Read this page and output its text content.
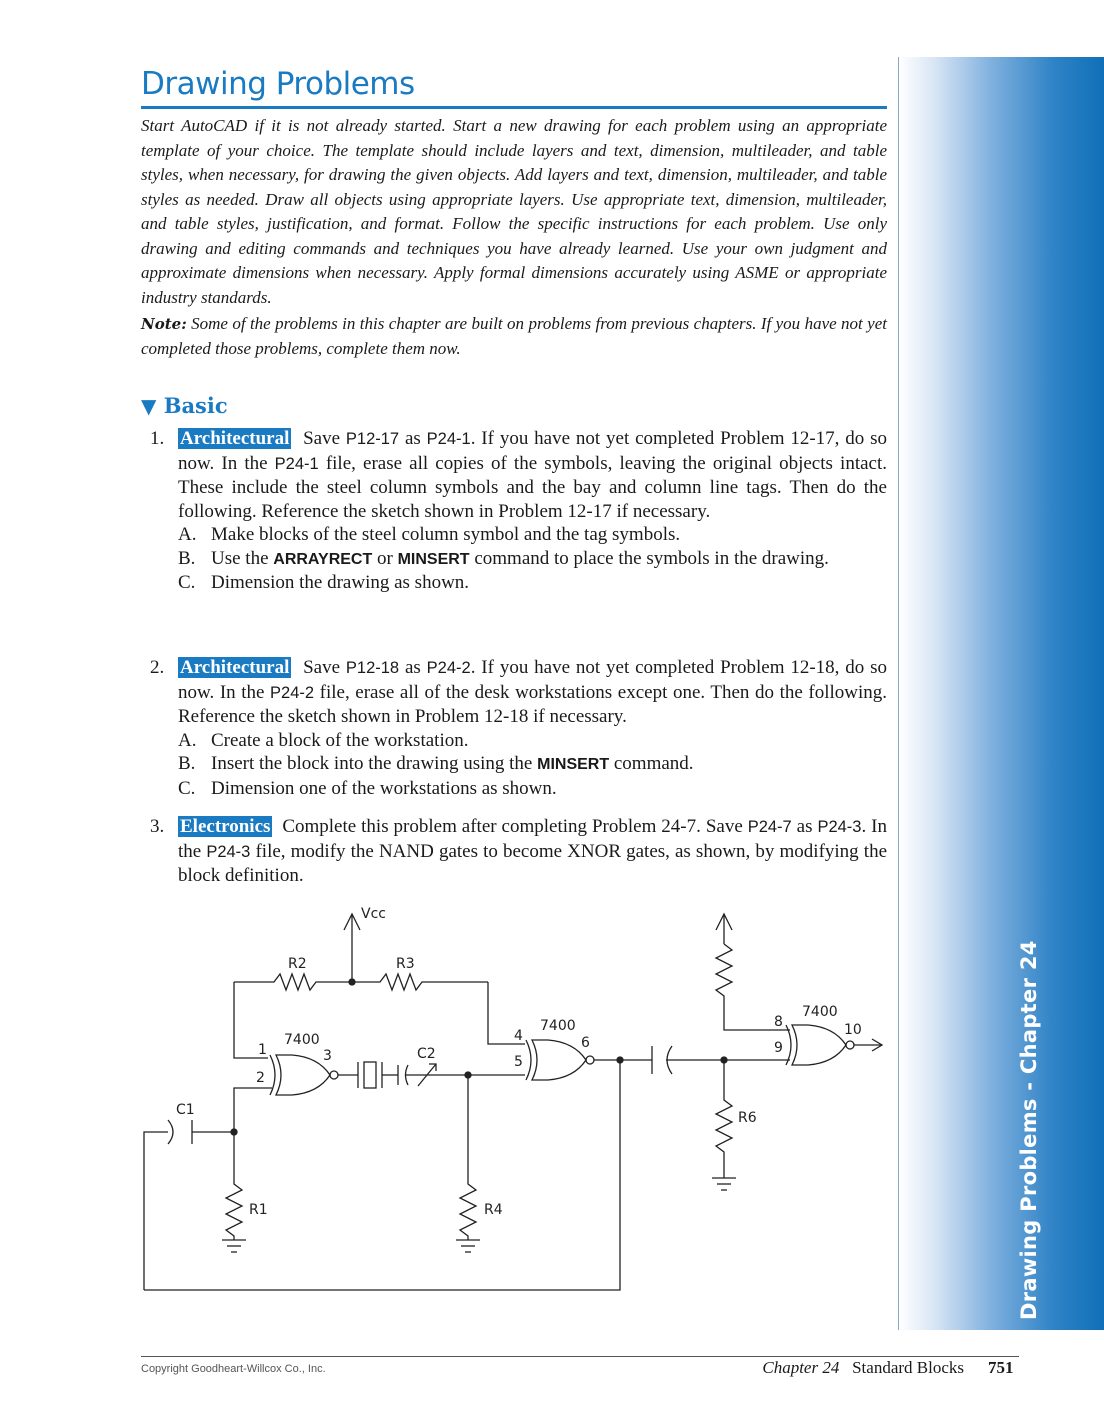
Drawing Problems - Chapter 24
Drawing Problems

Start AutoCAD if it is not already started. Start a new drawing for each problem using an appropriate template of your choice. The template should include layers and text, dimension, multileader, and table styles, when necessary, for drawing the given objects. Add layers and text, dimension, multileader, and table styles as needed. Draw all objects using appropriate layers. Use appropriate text, dimension, multileader, and table styles, justification, and format. Follow the specific instructions for each problem. Use only drawing and editing commands and techniques you have already learned. Use your own judgment and approximate dimensions when necessary. Apply formal dimensions accurately using ASME or appropriate industry standards.

Note: Some of the problems in this chapter are built on problems from previous chapters. If you have not yet completed those problems, complete them now.

▼ Basic
1. Architectural Save P12-17 as P24-1. If you have not yet completed Problem 12-17, do so now. In the P24-1 file, erase all copies of the symbols, leaving the original objects intact. These include the steel column symbols and the bay and column line tags. Then do the following. Reference the sketch shown in Problem 12-17 if necessary.
A. Make blocks of the steel column symbol and the tag symbols.
B. Use the ARRAYRECT or MINSERT command to place the symbols in the drawing.
C. Dimension the drawing as shown.
2. Architectural Save P12-18 as P24-2. If you have not yet completed Problem 12-18, do so now. In the P24-2 file, erase all of the desk workstations except one. Then do the following. Reference the sketch shown in Problem 12-18 if necessary.
A. Create a block of the workstation.
B. Insert the block into the drawing using the MINSERT command.
C. Dimension one of the workstations as shown.
3. Electronics Complete this problem after completing Problem 24-7. Save P24-7 as P24-3. In the P24-3 file, modify the NAND gates to become XNOR gates, as shown, by modifying the block definition.
Vcc
R2	R3
7400
1
2
3	C2
R4
C1
R1
7400
4
5
6
R6
7400
8
9
10
Copyright Goodheart-Willcox Co., Inc.	Chapter 24 Standard Blocks 751
